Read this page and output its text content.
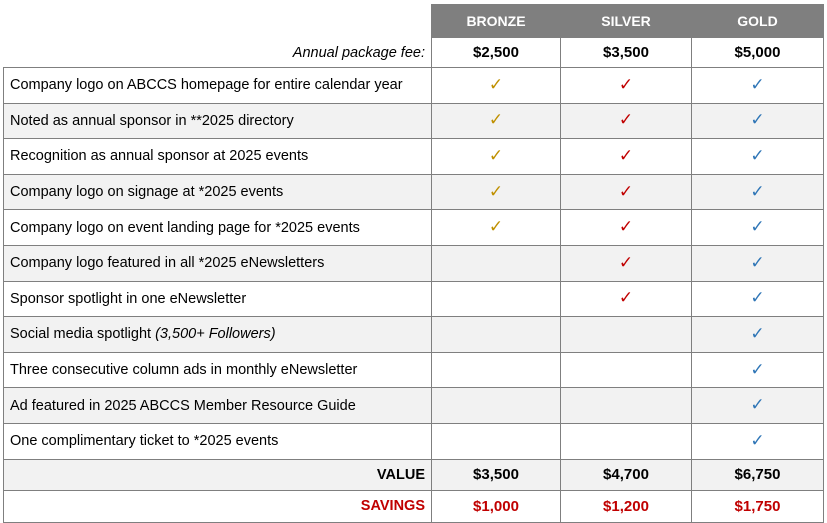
	BRONZE	SILVER	GOLD
Annual package fee:	$2,500	$3,500	$5,000
Company logo on ABCCS homepage for entire calendar year	✓	✓	✓
Noted as annual sponsor in **2025 directory	✓	✓	✓
Recognition as annual sponsor at 2025 events	✓	✓	✓
Company logo on signage at *2025 events	✓	✓	✓
Company logo on event landing page for *2025 events	✓	✓	✓
Company logo featured in all *2025 eNewsletters		✓	✓
Sponsor spotlight in one eNewsletter		✓	✓
Social media spotlight (3,500+ Followers)			✓
Three consecutive column ads in monthly eNewsletter			✓
Ad featured in 2025 ABCCS Member Resource Guide			✓
One complimentary ticket to *2025 events			✓
VALUE	$3,500	$4,700	$6,750
SAVINGS	$1,000	$1,200	$1,750
